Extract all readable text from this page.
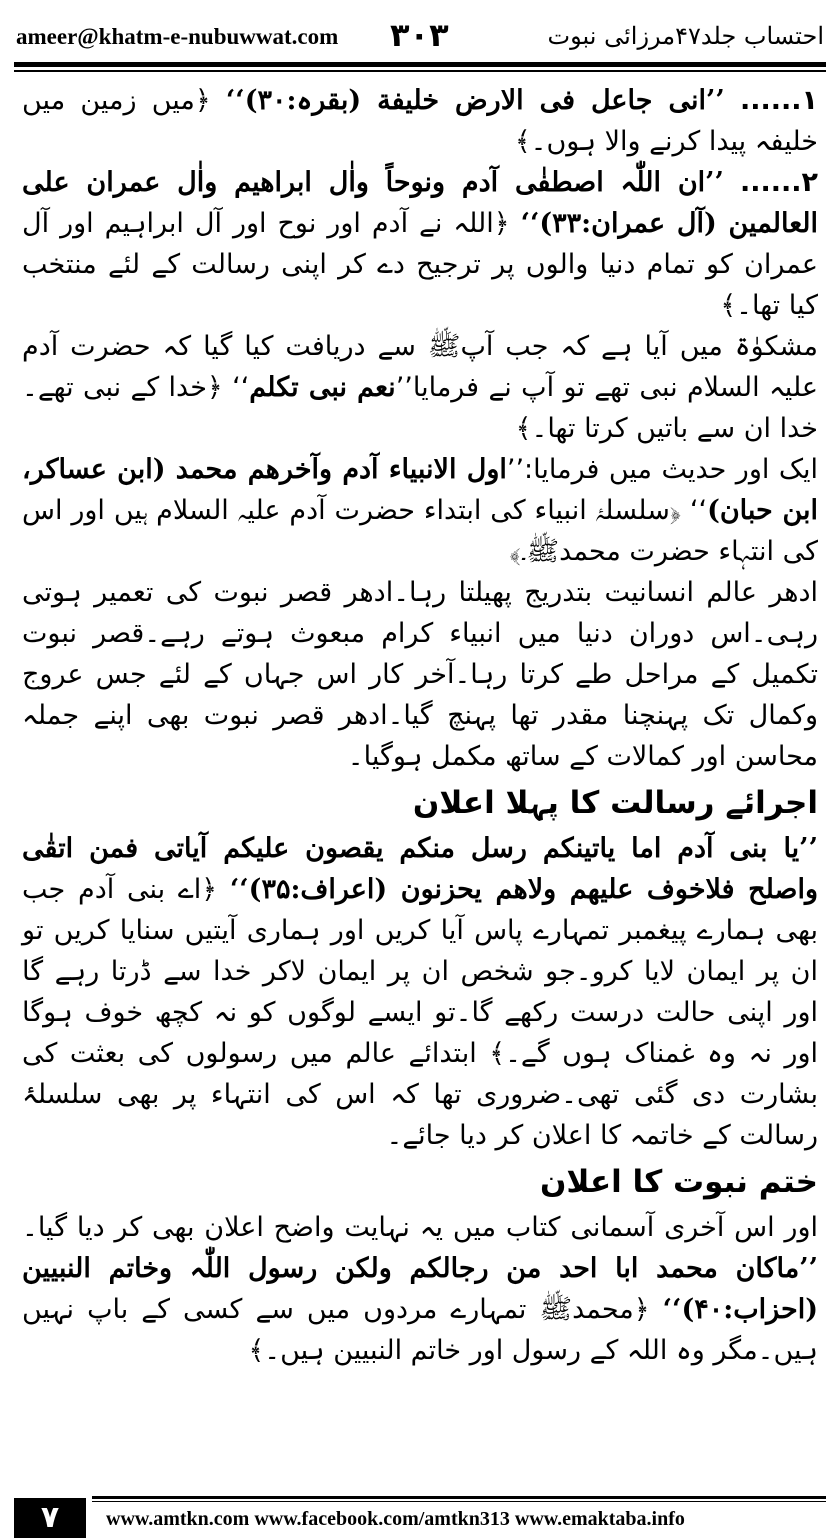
ameer@khatm-e-nubuwwat.com ۳۰۳	احتساب جلد۴۷مرزائی نبوت

۱...... ’’انی جاعل فی الارض خلیفة (بقرہ:۳۰)‘‘ ﴿میں زمین میں خلیفہ پیدا کرنے والا ہوں۔﴾

۲...... ’’ان اللّٰہ اصطفٰی آدم ونوحاً واٰل ابراھیم واٰل عمران علی العالمین (آل عمران:۳۳)‘‘ ﴿اللہ نے آدم اور نوح اور آل ابراہیم اور آل عمران کو تمام دنیا والوں پر ترجیح دے کر اپنی رسالت کے لئے منتخب کیا تھا۔﴾

مشکوٰۃ میں آیا ہے کہ جب آپﷺ سے دریافت کیا گیا کہ حضرت آدم علیہ السلام نبی تھے تو آپ نے فرمایا’’نعم نبی تکلم‘‘ ﴿خدا کے نبی تھے۔خدا ان سے باتیں کرتا تھا۔﴾

ایک اور حدیث میں فرمایا:’’اول الانبیاء آدم وآخرھم محمد (ابن عساکر، ابن حبان)‘‘ ﴿سلسلۂ انبیاء کی ابتداء حضرت آدم علیہ السلام ہیں اور اس کی انتہاء حضرت محمدﷺ۔﴾

ادھر عالم انسانیت بتدریج پھیلتا رہا۔ادھر قصر نبوت کی تعمیر ہوتی رہی۔اس دوران دنیا میں انبیاء کرام مبعوث ہوتے رہے۔قصر نبوت تکمیل کے مراحل طے کرتا رہا۔آخر کار اس جہاں کے لئے جس عروج وکمال تک پہنچنا مقدر تھا پہنچ گیا۔ادھر قصر نبوت بھی اپنے جملہ محاسن اور کمالات کے ساتھ مکمل ہوگیا۔

اجرائے رسالت کا پہلا اعلان

’’یا بنی آدم اما یاتینکم رسل منکم یقصون علیکم آیاتی فمن اتقٰی واصلح فلاخوف علیھم ولاھم یحزنون (اعراف:۳۵)‘‘ ﴿اے بنی آدم جب بھی ہمارے پیغمبر تمہارے پاس آیا کریں اور ہماری آیتیں سنایا کریں تو ان پر ایمان لایا کرو۔جو شخص ان پر ایمان لاکر خدا سے ڈرتا رہے گا اور اپنی حالت درست رکھے گا۔تو ایسے لوگوں کو نہ کچھ خوف ہوگا اور نہ وہ غمناک ہوں گے۔﴾ ابتدائے عالم میں رسولوں کی بعثت کی بشارت دی گئی تھی۔ضروری تھا کہ اس کی انتہاء پر بھی سلسلۂ رسالت کے خاتمہ کا اعلان کر دیا جائے۔

ختم نبوت کا اعلان

اور اس آخری آسمانی کتاب میں یہ نہایت واضح اعلان بھی کر دیا گیا۔ ’’ماکان محمد ابا احد من رجالکم ولکن رسول اللّٰہ وخاتم النبیین (احزاب:۴۰)‘‘ ﴿محمدﷺ تمہارے مردوں میں سے کسی کے باپ نہیں ہیں۔مگر وہ اللہ کے رسول اور خاتم النبیین ہیں۔﴾

۷	www.amtkn.com www.facebook.com/amtkn313 www.emaktaba.info
